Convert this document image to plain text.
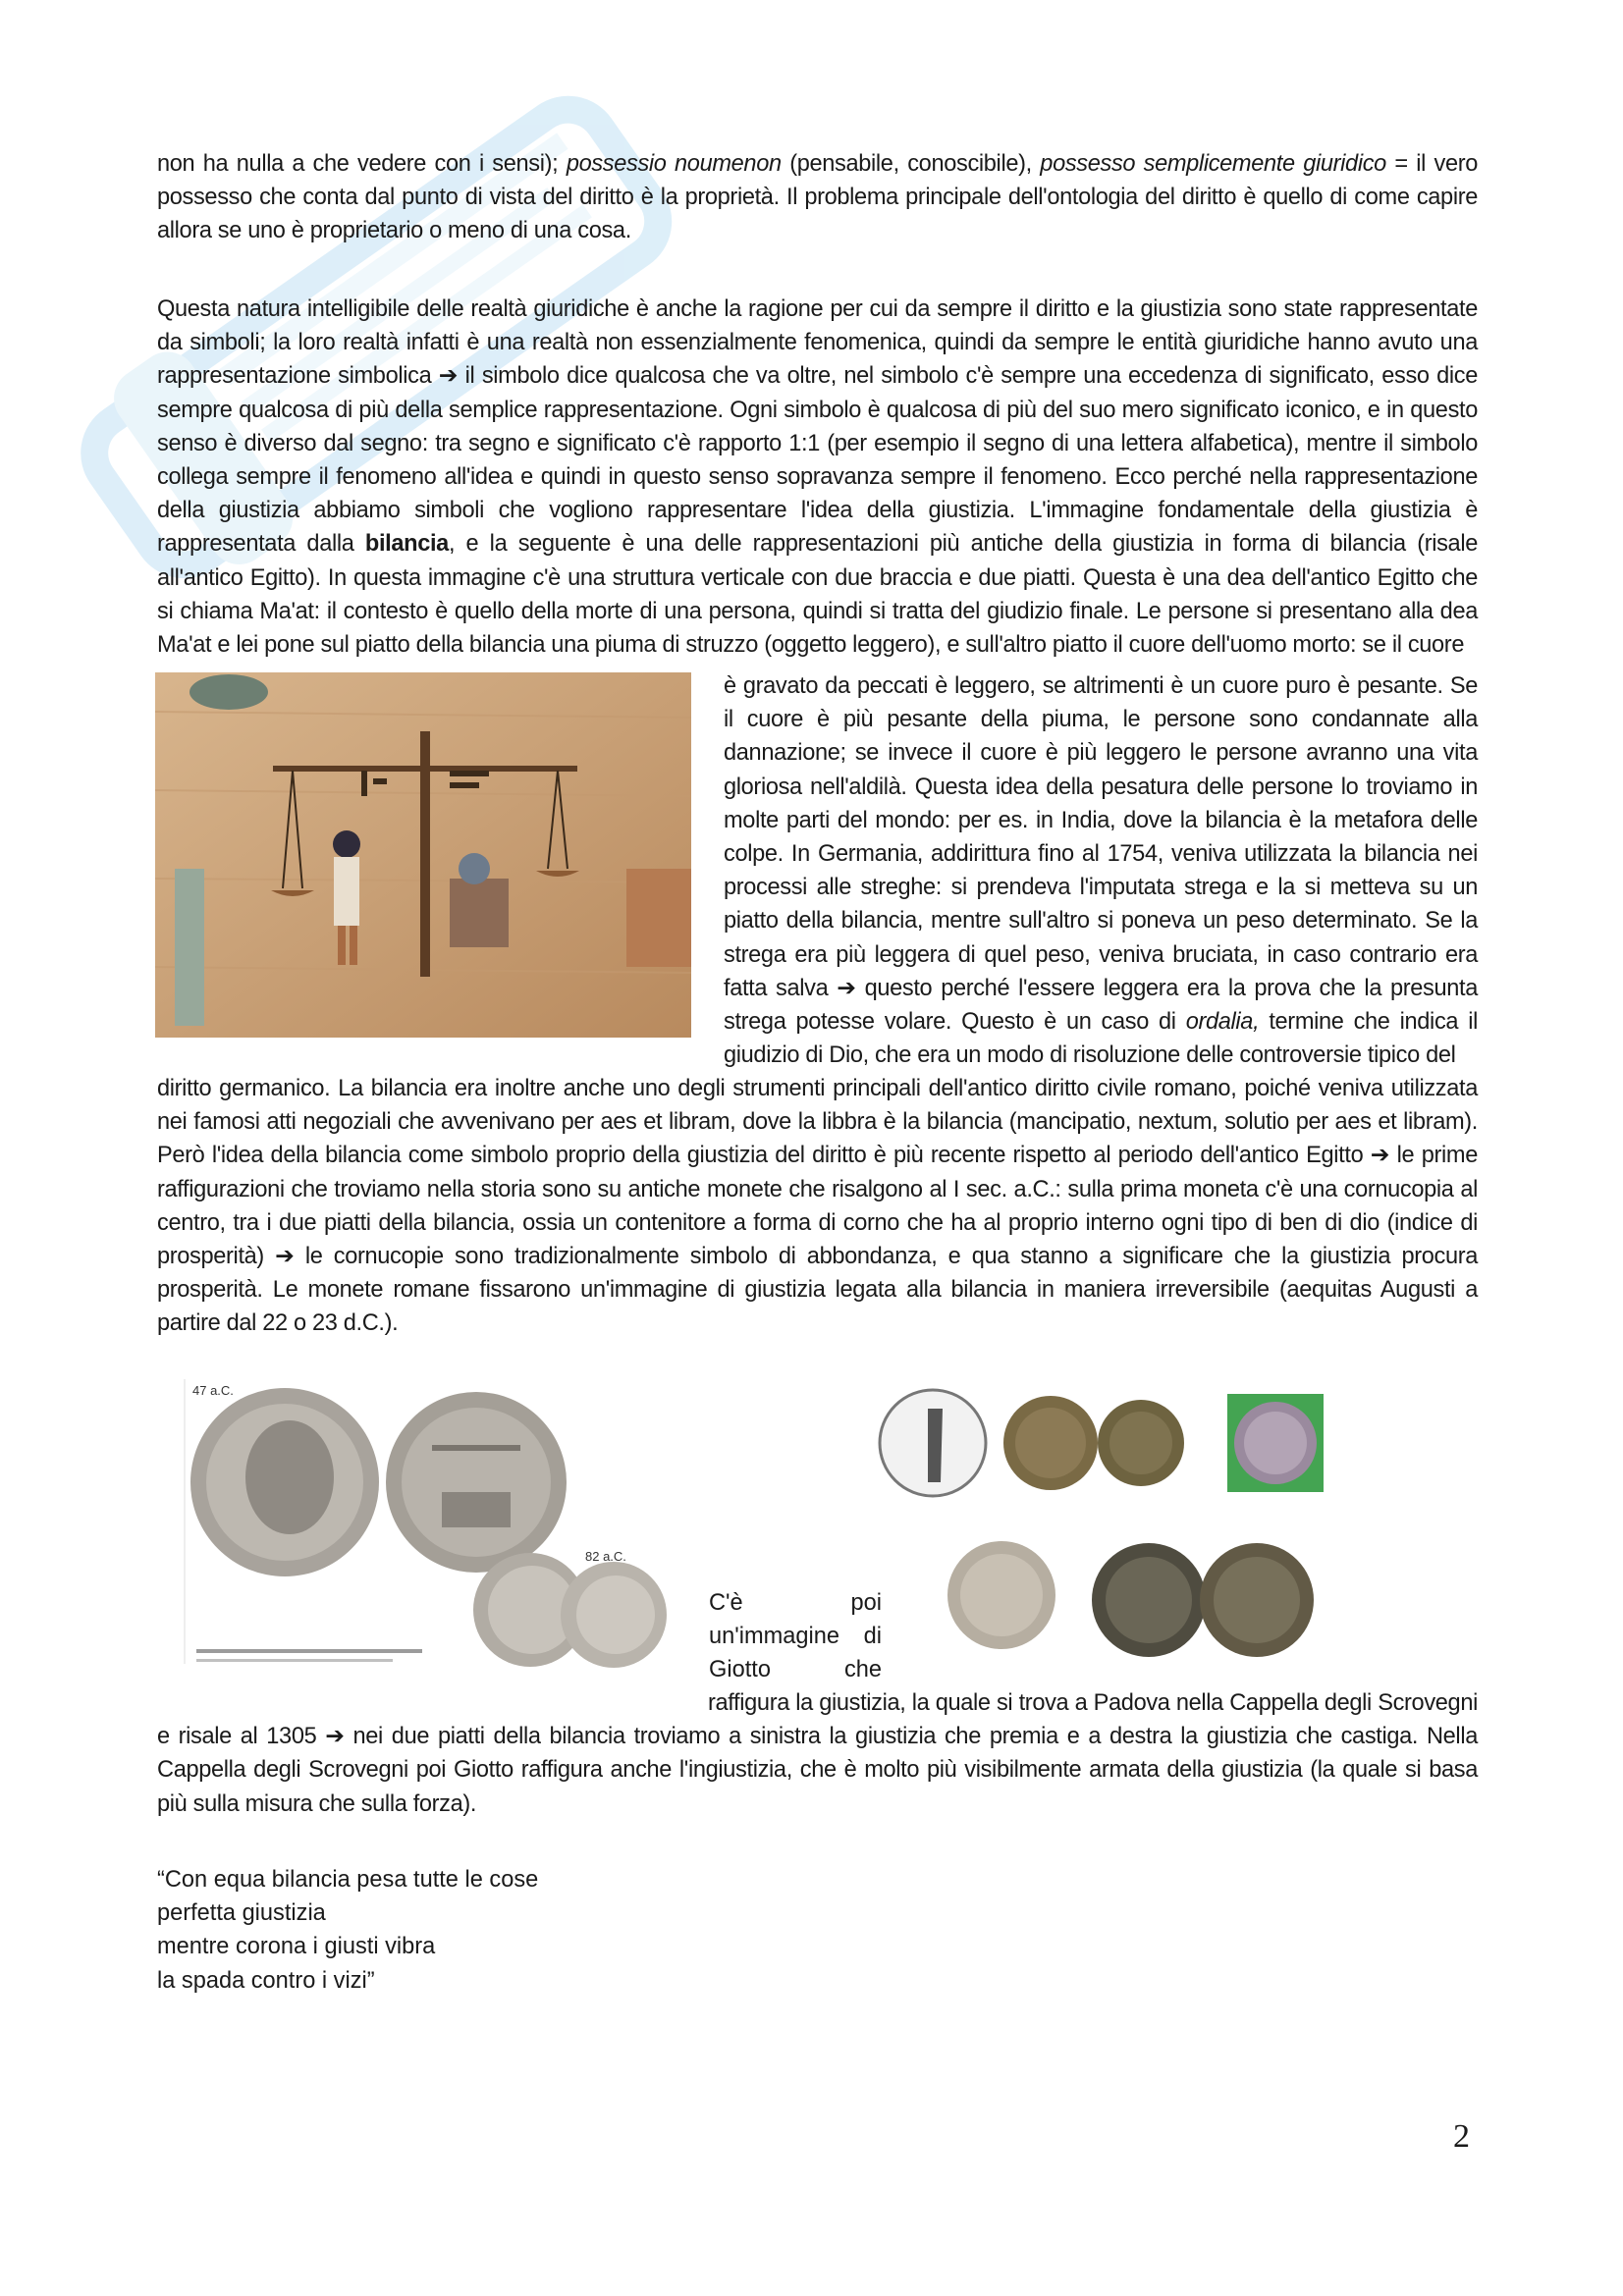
non ha nulla a che vedere con i sensi); possessio noumenon (pensabile, conoscibile), possesso semplicemente giuridico = il vero possesso che conta dal punto di vista del diritto è la proprietà. Il problema principale dell'ontologia del diritto è quello di come capire allora se uno è proprietario o meno di una cosa.

Questa natura intelligibile delle realtà giuridiche è anche la ragione per cui da sempre il diritto e la giustizia sono state rappresentate da simboli; la loro realtà infatti è una realtà non essenzialmente fenomenica, quindi da sempre le entità giuridiche hanno avuto una rappresentazione simbolica ➔ il simbolo dice qualcosa che va oltre, nel simbolo c'è sempre una eccedenza di significato, esso dice sempre qualcosa di più della semplice rappresentazione. Ogni simbolo è qualcosa di più del suo mero significato iconico, e in questo senso è diverso dal segno: tra segno e significato c'è rapporto 1:1 (per esempio il segno di una lettera alfabetica), mentre il simbolo collega sempre il fenomeno all'idea e quindi in questo senso sopravanza sempre il fenomeno. Ecco perché nella rappresentazione della giustizia abbiamo simboli che vogliono rappresentare l'idea della giustizia. L'immagine fondamentale della giustizia è rappresentata dalla bilancia, e la seguente è una delle rappresentazioni più antiche della giustizia in forma di bilancia (risale all'antico Egitto). In questa immagine c'è una struttura verticale con due braccia e due piatti. Questa è una dea dell'antico Egitto che si chiama Ma'at: il contesto è quello della morte di una persona, quindi si tratta del giudizio finale. Le persone si presentano alla dea Ma'at e lei pone sul piatto della bilancia una piuma di struzzo (oggetto leggero), e sull'altro piatto il cuore dell'uomo morto: se il cuore

è gravato da peccati è leggero, se altrimenti è un cuore puro è pesante. Se il cuore è più pesante della piuma, le persone sono condannate alla dannazione; se invece il cuore è più leggero le persone avranno una vita gloriosa nell'aldilà. Questa idea della pesatura delle persone lo troviamo in molte parti del mondo: per es. in India, dove la bilancia è la metafora delle colpe. In Germania, addirittura fino al 1754, veniva utilizzata la bilancia nei processi alle streghe: si prendeva l'imputata strega e la si metteva su un piatto della bilancia, mentre sull'altro si poneva un peso determinato. Se la strega era più leggera di quel peso, veniva bruciata, in caso contrario era fatta salva ➔ questo perché l'essere leggera era la prova che la presunta strega potesse volare. Questo è un caso di ordalia, termine che indica il giudizio di Dio, che era un modo di risoluzione delle controversie tipico del

diritto germanico. La bilancia era inoltre anche uno degli strumenti principali dell'antico diritto civile romano, poiché veniva utilizzata nei famosi atti negoziali che avvenivano per aes et libram, dove la libbra è la bilancia (mancipatio, nextum, solutio per aes et libram). Però l'idea della bilancia come simbolo proprio della giustizia del diritto è più recente rispetto al periodo dell'antico Egitto ➔ le prime raffigurazioni che troviamo nella storia sono su antiche monete che risalgono al I sec. a.C.: sulla prima moneta c'è una cornucopia al centro, tra i due piatti della bilancia, ossia un contenitore a forma di corno che ha al proprio interno ogni tipo di ben di dio (indice di prosperità) ➔ le cornucopie sono tradizionalmente simbolo di abbondanza, e qua stanno a significare che la giustizia procura prosperità. Le monete romane fissarono un'immagine di giustizia legata alla bilancia in maniera irreversibile (aequitas Augusti a partire dal 22 o 23 d.C.).

47 a.C.
82 a.C.
C'è	poi
un'immagine di
Giotto	che

raffigura la giustizia, la quale si trova a Padova nella Cappella degli Scrovegni e risale al 1305 ➔ nei due piatti della bilancia troviamo a sinistra la giustizia che premia e a destra la giustizia che castiga. Nella Cappella degli Scrovegni poi Giotto raffigura anche l'ingiustizia, che è molto più visibilmente armata della giustizia (la quale si basa più sulla misura che sulla forza).

“Con equa bilancia pesa tutte le cose
perfetta giustizia
mentre corona i giusti vibra
la spada contro i vizi”
2
